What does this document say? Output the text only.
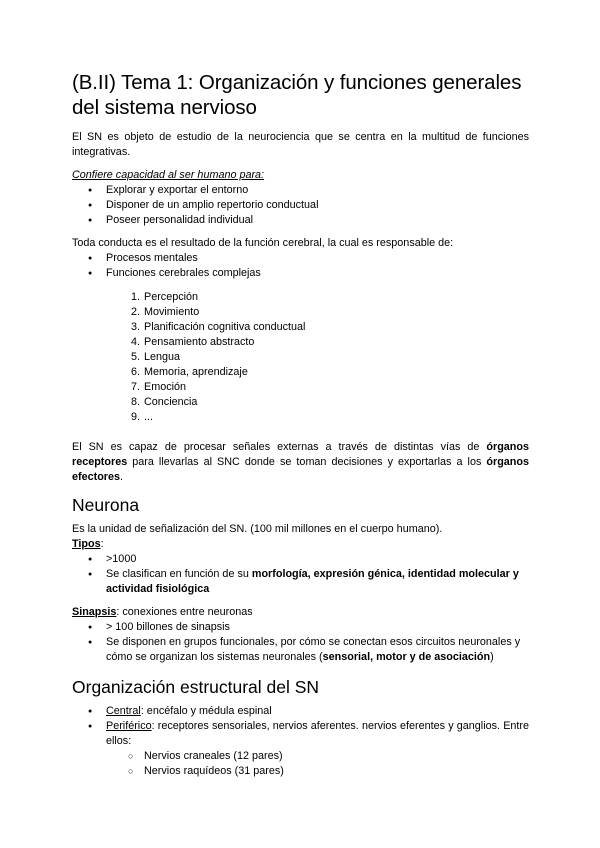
(B.II) Tema 1: Organización y funciones generales del sistema nervioso

El SN es objeto de estudio de la neurociencia que se centra en la multitud de funciones integrativas.

Confiere capacidad al ser humano para:

● Explorar y exportar el entorno
● Disponer de un amplio repertorio conductual
● Poseer personalidad individual

Toda conducta es el resultado de la función cerebral, la cual es responsable de:

● Procesos mentales
● Funciones cerebrales complejas
1. Percepción
2. Movimiento
3. Planificación cognitiva conductual
4. Pensamiento abstracto
5. Lengua
6. Memoria, aprendizaje
7. Emoción
8. Conciencia
9. ...

El SN es capaz de procesar señales externas a través de distintas vías de órganos receptores para llevarlas al SNC donde se toman decisiones y exportarlas a los órganos efectores.

Neurona

Es la unidad de señalización del SN. (100 mil millones en el cuerpo humano).

Tipos:

● >1000
● Se clasifican en función de su morfología, expresión génica, identidad molecular y actividad fisiológica

Sinapsis: conexiones entre neuronas

● > 100 billones de sinapsis
● Se disponen en grupos funcionales, por cómo se conectan esos circuitos neuronales y cómo se organizan los sistemas neuronales (sensorial, motor y de asociación)
Organización estructural del SN
● Central: encéfalo y médula espinal
● Periférico: receptores sensoriales, nervios aferentes. nervios eferentes y ganglios. Entre ellos:
○ Nervios craneales (12 pares)
○ Nervios raquídeos (31 pares)
